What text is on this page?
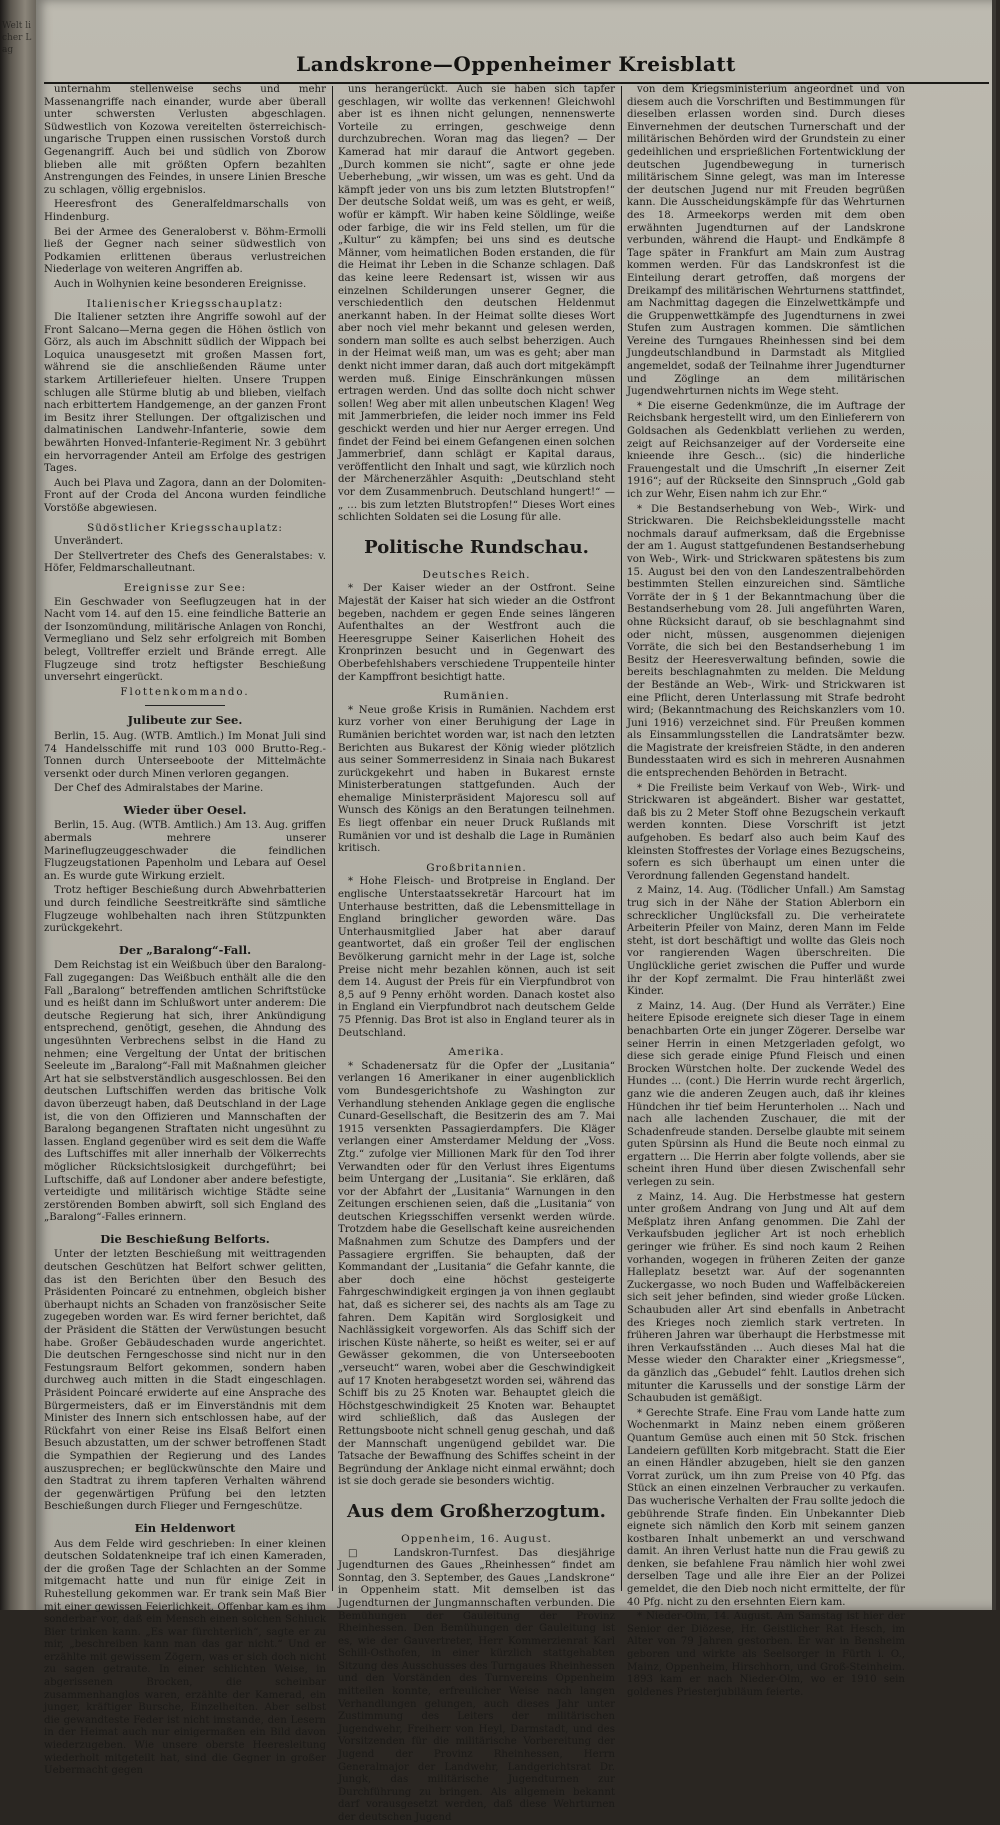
Welt licher Lag
Landskrone—Oppenheimer Kreisblatt

unternahm stellenweise sechs und mehr Massenangriffe nach einander, wurde aber überall unter schwersten Verlusten abgeschlagen. Südwestlich von Kozowa vereitelten österreichisch-ungarische Truppen einen russischen Vorstoß durch Gegenangriff. Auch bei und südlich von Zborow blieben alle mit größten Opfern bezahlten Anstrengungen des Feindes, in unsere Linien Bresche zu schlagen, völlig ergebnislos.

Heeresfront des Generalfeldmarschalls von Hindenburg.

Bei der Armee des Generaloberst v. Böhm-Ermolli ließ der Gegner nach seiner südwestlich von Podkamien erlittenen überaus verlustreichen Niederlage von weiteren Angriffen ab.

Auch in Wolhynien keine besonderen Ereignisse.

Italienischer Kriegsschauplatz:

Die Italiener setzten ihre Angriffe sowohl auf der Front Salcano—Merna gegen die Höhen östlich von Görz, als auch im Abschnitt südlich der Wippach bei Loquica unausgesetzt mit großen Massen fort, während sie die anschließenden Räume unter starkem Artilleriefeuer hielten. Unsere Truppen schlugen alle Stürme blutig ab und blieben, vielfach nach erbittertem Handgemenge, an der ganzen Front im Besitz ihrer Stellungen. Der oftgalizischen und dalmatinischen Landwehr-Infanterie, sowie dem bewährten Honved-Infanterie-Regiment Nr. 3 gebührt ein hervorragender Anteil am Erfolge des gestrigen Tages.

Auch bei Plava und Zagora, dann an der Dolomiten-Front auf der Croda del Ancona wurden feindliche Vorstöße abgewiesen.

Südöstlicher Kriegsschauplatz:

Unverändert.

Der Stellvertreter des Chefs des Generalstabes: v. Höfer, Feldmarschalleutnant.

Ereignisse zur See:

Ein Geschwader von Seeflugzeugen hat in der Nacht vom 14. auf den 15. eine feindliche Batterie an der Isonzomündung, militärische Anlagen von Ronchi, Vermegliano und Selz sehr erfolgreich mit Bomben belegt, Volltreffer erzielt und Brände erregt. Alle Flugzeuge sind trotz heftigster Beschießung unversehrt eingerückt.

Flottenkommando.
Julibeute zur See.

Berlin, 15. Aug. (WTB. Amtlich.) Im Monat Juli sind 74 Handelsschiffe mit rund 103 000 Brutto-Reg.-Tonnen durch Unterseeboote der Mittelmächte versenkt oder durch Minen verloren gegangen.

Der Chef des Admiralstabes der Marine.

Wieder über Oesel.

Berlin, 15. Aug. (WTB. Amtlich.) Am 13. Aug. griffen abermals mehrere unserer Marineflugzeuggeschwader die feindlichen Flugzeugstationen Papenholm und Lebara auf Oesel an. Es wurde gute Wirkung erzielt.

Trotz heftiger Beschießung durch Abwehrbatterien und durch feindliche Seestreitkräfte sind sämtliche Flugzeuge wohlbehalten nach ihren Stützpunkten zurückgekehrt.

Der „Baralong“-Fall.

Dem Reichstag ist ein Weißbuch über den Baralong-Fall zugegangen: Das Weißbuch enthält alle die den Fall „Baralong“ betreffenden amtlichen Schriftstücke und es heißt dann im Schlußwort unter anderem: Die deutsche Regierung hat sich, ihrer Ankündigung entsprechend, genötigt, gesehen, die Ahndung des ungesühnten Verbrechens selbst in die Hand zu nehmen; eine Vergeltung der Untat der britischen Seeleute im „Baralong“-Fall mit Maßnahmen gleicher Art hat sie selbstverständlich ausgeschlossen. Bei den deutschen Luftschiffen werden das britische Volk davon überzeugt haben, daß Deutschland in der Lage ist, die von den Offizieren und Mannschaften der Baralong begangenen Straftaten nicht ungesühnt zu lassen. England gegenüber wird es seit dem die Waffe des Luftschiffes mit aller innerhalb der Völkerrechts möglicher Rücksichtslosigkeit durchgeführt; bei Luftschiffe, daß auf Londoner aber andere befestigte, verteidigte und militärisch wichtige Städte seine zerstörenden Bomben abwirft, soll sich England des „Baralong“-Falles erinnern.

Die Beschießung Belforts.

Unter der letzten Beschießung mit weittragenden deutschen Geschützen hat Belfort schwer gelitten, das ist den Berichten über den Besuch des Präsidenten Poincaré zu entnehmen, obgleich bisher überhaupt nichts an Schaden von französischer Seite zugegeben worden war. Es wird ferner berichtet, daß der Präsident die Stätten der Verwüstungen besucht habe. Großer Gebäudeschaden wurde angerichtet. Die deutschen Ferngeschosse sind nicht nur in den Festungsraum Belfort gekommen, sondern haben durchweg auch mitten in die Stadt eingeschlagen. Präsident Poincaré erwiderte auf eine Ansprache des Bürgermeisters, daß er im Einverständnis mit dem Minister des Innern sich entschlossen habe, auf der Rückfahrt von einer Reise ins Elsaß Belfort einen Besuch abzustatten, um der schwer betroffenen Stadt die Sympathien der Regierung und des Landes auszusprechen; er beglückwünschte den Maire und den Stadtrat zu ihrem tapferen Verhalten während der gegenwärtigen Prüfung bei den letzten Beschießungen durch Flieger und Ferngeschütze.

Ein Heldenwort

Aus dem Felde wird geschrieben: In einer kleinen deutschen Soldatenkneipe traf ich einen Kameraden, der die großen Tage der Schlachten an der Somme mitgemacht hatte und nun für einige Zeit in Ruhestellung gekommen war. Er trank sein Maß Bier mit einer gewissen Feierlichkeit. Offenbar kam es ihm sonderbar vor, daß ein Mensch einen solchen Schluck Bier trinken kann. „Es war fürchterlich“, sagte er zu mir, „beschreiben kann man das gar nicht.“ Und er erzählte mit gewissem Zögern, was er sich doch nicht zu sagen getraute. In einer schlichten Weise, in abgerissenen Brocken, die scheinbar zusammenhanglos waren, erzählte der Kamerad, ein junger, kräftiger Bursche, Einzelheiten. Aber selbst die gewandteste Feder ist nicht imstande, den Lesern in der Heimat auch nur einigermaßen ein Bild davon wiederzugeben. Wie unsere oberste Heeresleitung wiederholt mitgeteilt hat, sind die Gegner in großer Uebermacht gegen

uns herangerückt. Auch sie haben sich tapfer geschlagen, wir wollte das verkennen! Gleichwohl aber ist es ihnen nicht gelungen, nennenswerte Vorteile zu erringen, geschweige denn durchzubrechen. Woran mag das liegen? — Der Kamerad hat mir darauf die Antwort gegeben. „Durch kommen sie nicht“, sagte er ohne jede Ueberhebung, „wir wissen, um was es geht. Und da kämpft jeder von uns bis zum letzten Blutstropfen!“ Der deutsche Soldat weiß, um was es geht, er weiß, wofür er kämpft. Wir haben keine Söldlinge, weiße oder farbige, die wir ins Feld stellen, um für die „Kultur“ zu kämpfen; bei uns sind es deutsche Männer, vom heimatlichen Boden erstanden, die für die Heimat ihr Leben in die Schanze schlagen. Daß das keine leere Redensart ist, wissen wir aus einzelnen Schilderungen unserer Gegner, die verschiedentlich den deutschen Heldenmut anerkannt haben. In der Heimat sollte dieses Wort aber noch viel mehr bekannt und gelesen werden, sondern man sollte es auch selbst beherzigen. Auch in der Heimat weiß man, um was es geht; aber man denkt nicht immer daran, daß auch dort mitgekämpft werden muß. Einige Einschränkungen müssen ertragen werden. Und das sollte doch nicht schwer sollen! Weg aber mit allen unbeutschen Klagen! Weg mit Jammerbriefen, die leider noch immer ins Feld geschickt werden und hier nur Aerger erregen. Und findet der Feind bei einem Gefangenen einen solchen Jammerbrief, dann schlägt er Kapital daraus, veröffentlicht den Inhalt und sagt, wie kürzlich noch der Märchenerzähler Asquith: „Deutschland steht vor dem Zusammenbruch. Deutschland hungert!“ — „ … bis zum letzten Blutstropfen!“ Dieses Wort eines schlichten Soldaten sei die Losung für alle.

Politische Rundschau.
Deutsches Reich.

* Der Kaiser wieder an der Ostfront. Seine Majestät der Kaiser hat sich wieder an die Ostfront begeben, nachdem er gegen Ende seines längeren Aufenthaltes an der Westfront auch die Heeresgruppe Seiner Kaiserlichen Hoheit des Kronprinzen besucht und in Gegenwart des Oberbefehlshabers verschiedene Truppenteile hinter der Kampffront besichtigt hatte.

Rumänien.

* Neue große Krisis in Rumänien. Nachdem erst kurz vorher von einer Beruhigung der Lage in Rumänien berichtet worden war, ist nach den letzten Berichten aus Bukarest der König wieder plötzlich aus seiner Sommerresidenz in Sinaia nach Bukarest zurückgekehrt und haben in Bukarest ernste Ministerberatungen stattgefunden. Auch der ehemalige Ministerpräsident Majorescu soll auf Wunsch des Königs an den Beratungen teilnehmen. Es liegt offenbar ein neuer Druck Rußlands mit Rumänien vor und ist deshalb die Lage in Rumänien kritisch.

Großbritannien.

* Hohe Fleisch- und Brotpreise in England. Der englische Unterstaatssekretär Harcourt hat im Unterhause bestritten, daß die Lebensmittellage in England bringlicher geworden wäre. Das Unterhausmitglied Jaber hat aber darauf geantwortet, daß ein großer Teil der englischen Bevölkerung garnicht mehr in der Lage ist, solche Preise nicht mehr bezahlen können, auch ist seit dem 14. August der Preis für ein Vierpfundbrot von 8,5 auf 9 Penny erhöht worden. Danach kostet also in England ein Vierpfundbrot nach deutschem Gelde 75 Pfennig. Das Brot ist also in England teurer als in Deutschland.

Amerika.

* Schadenersatz für die Opfer der „Lusitania“ verlangen 16 Amerikaner in einer augenblicklich vom Bundesgerichtshofe zu Washington zur Verhandlung stehenden Anklage gegen die englische Cunard-Gesellschaft, die Besitzerin des am 7. Mai 1915 versenkten Passagierdampfers. Die Kläger verlangen einer Amsterdamer Meldung der „Voss. Ztg.“ zufolge vier Millionen Mark für den Tod ihrer Verwandten oder für den Verlust ihres Eigentums beim Untergang der „Lusitania“. Sie erklären, daß vor der Abfahrt der „Lusitania“ Warnungen in den Zeitungen erschienen seien, daß die „Lusitania“ von deutschen Kriegsschiffen versenkt werden würde. Trotzdem habe die Gesellschaft keine ausreichenden Maßnahmen zum Schutze des Dampfers und der Passagiere ergriffen. Sie behaupten, daß der Kommandant der „Lusitania“ die Gefahr kannte, die aber doch eine höchst gesteigerte Fahrgeschwindigkeit ergingen ja von ihnen geglaubt hat, daß es sicherer sei, des nachts als am Tage zu fahren. Dem Kapitän wird Sorglosigkeit und Nachlässigkeit vorgeworfen. Als das Schiff sich der irischen Küste näherte, so heißt es weiter, sei er auf Gewässer gekommen, die von Unterseebooten „verseucht“ waren, wobei aber die Geschwindigkeit auf 17 Knoten herabgesetzt worden sei, während das Schiff bis zu 25 Knoten war. Behauptet gleich die Höchstgeschwindigkeit 25 Knoten war. Behauptet wird schließlich, daß das Auslegen der Rettungsboote nicht schnell genug geschah, und daß der Mannschaft ungenügend gebildet war. Die Tatsache der Bewaffnung des Schiffes scheint in der Begründung der Anklage nicht einmal erwähnt; doch ist sie doch gerade sie besonders wichtig.

Aus dem Großherzogtum.
Oppenheim, 16. August.

□ Landskron-Turnfest. Das diesjährige Jugendturnen des Gaues „Rheinhessen“ findet am Sonntag, den 3. September, des Gaues „Landskrone“ in Oppenheim statt. Mit demselben ist das Jugendturnen der Jungmannschaften verbunden. Die Bemühungen der Gauleitung der Provinz Rheinhessen. Den Bemühungen der Gauleitung ist es, wie der Gauvertreter, Herr Kommerzienrat Karl Schill-Osthofen, in einer kürzlich stattgehabten Sitzung des Ausschusses des Turngaues Rheinhessen und den Vorständen des Turnvereins Oppenheim mitteilen konnte, erfreulicher Weise nach langen Verhandlungen gelungen, auch dieses Jahr unter Zustimmung des Leiters der militärischen Jugendwehr, Freiherr von Heyl, Darmstadt, und des Vorsitzenden für die militärische Vorbereitung der Jugend der Provinz Rheinhessen, Herrn Generalmajor der Landwehr, Landgerichtsrat Dr. Jungk, das militärische Jugendturnen zur Durchführung zu bringen. Als allgemein bekannt darf vorausgesetzt werden, daß diese Wehrturnen der deutschen Jugend

von dem Kriegsministerium angeordnet und von diesem auch die Vorschriften und Bestimmungen für dieselben erlassen worden sind. Durch dieses Einvernehmen der deutschen Turnerschaft und der militärischen Behörden wird der Grundstein zu einer gedeihlichen und ersprießlichen Fortentwicklung der deutschen Jugendbewegung in turnerisch militärischem Sinne gelegt, was man im Interesse der deutschen Jugend nur mit Freuden begrüßen kann. Die Ausscheidungskämpfe für das Wehrturnen des 18. Armeekorps werden mit dem oben erwähnten Jugendturnen auf der Landskrone verbunden, während die Haupt- und Endkämpfe 8 Tage später in Frankfurt am Main zum Austrag kommen werden. Für das Landskronfest ist die Einteilung derart getroffen, daß morgens der Dreikampf des militärischen Wehrturnens stattfindet, am Nachmittag dagegen die Einzelwettkämpfe und die Gruppenwettkämpfe des Jugendturnens in zwei Stufen zum Austragen kommen. Die sämtlichen Vereine des Turngaues Rheinhessen sind bei dem Jungdeutschlandbund in Darmstadt als Mitglied angemeldet, sodaß der Teilnahme ihrer Jugendturner und Zöglinge an dem militärischen Jugendwehrturnen nichts im Wege steht.

* Die eiserne Gedenkmünze, die im Auftrage der Reichsbank hergestellt wird, um den Einlieferern von Goldsachen als Gedenkblatt verliehen zu werden, zeigt auf Reichsanzeiger auf der Vorderseite eine knieende ihre Gesch... (sic) die hinderliche Frauengestalt und die Umschrift „In eiserner Zeit 1916“; auf der Rückseite den Sinnspruch „Gold gab ich zur Wehr, Eisen nahm ich zur Ehr.“

* Die Bestandserhebung von Web-, Wirk- und Strickwaren. Die Reichsbekleidungsstelle macht nochmals darauf aufmerksam, daß die Ergebnisse der am 1. August stattgefundenen Bestandserhebung von Web-, Wirk- und Strickwaren spätestens bis zum 15. August bei den von den Landeszentralbehörden bestimmten Stellen einzureichen sind. Sämtliche Vorräte der in § 1 der Bekanntmachung über die Bestandserhebung vom 28. Juli angeführten Waren, ohne Rücksicht darauf, ob sie beschlagnahmt sind oder nicht, müssen, ausgenommen diejenigen Vorräte, die sich bei den Bestandserhebung 1 im Besitz der Heeresverwaltung befinden, sowie die bereits beschlagnahmten zu melden. Die Meldung der Bestände an Web-, Wirk- und Strickwaren ist eine Pflicht, deren Unterlassung mit Strafe bedroht wird; (Bekanntmachung des Reichskanzlers vom 10. Juni 1916) verzeichnet sind. Für Preußen kommen als Einsammlungsstellen die Landratsämter bezw. die Magistrate der kreisfreien Städte, in den anderen Bundesstaaten wird es sich in mehreren Ausnahmen die entsprechenden Behörden in Betracht.

* Die Freiliste beim Verkauf von Web-, Wirk- und Strickwaren ist abgeändert. Bisher war gestattet, daß bis zu 2 Meter Stoff ohne Bezugschein verkauft werden konnten. Diese Vorschrift ist jetzt aufgehoben. Es bedarf also auch beim Kauf des kleinsten Stoffrestes der Vorlage eines Bezugscheins, sofern es sich überhaupt um einen unter die Verordnung fallenden Gegenstand handelt.

z Mainz, 14. Aug. (Tödlicher Unfall.) Am Samstag trug sich in der Nähe der Station Ablerborn ein schrecklicher Unglücksfall zu. Die verheiratete Arbeiterin Pfeiler von Mainz, deren Mann im Felde steht, ist dort beschäftigt und wollte das Gleis noch vor rangierenden Wagen überschreiten. Die Unglückliche geriet zwischen die Puffer und wurde ihr der Kopf zermalmt. Die Frau hinterläßt zwei Kinder.

z Mainz, 14. Aug. (Der Hund als Verräter.) Eine heitere Episode ereignete sich dieser Tage in einem benachbarten Orte ein junger Zögerer. Derselbe war seiner Herrin in einen Metzgerladen gefolgt, wo diese sich gerade einige Pfund Fleisch und einen Brocken Würstchen holte. Der zuckende Wedel des Hundes ... (cont.) Die Herrin wurde recht ärgerlich, ganz wie die anderen Zeugen auch, daß ihr kleines Hündchen ihr tief beim Herunterholen ... Nach und nach alle lachenden Zuschauer, die mit der Schadenfreude standen. Derselbe glaubte mit seinem guten Spürsinn als Hund die Beute noch einmal zu ergattern ... Die Herrin aber folgte vollends, aber sie scheint ihren Hund über diesen Zwischenfall sehr verlegen zu sein.

z Mainz, 14. Aug. Die Herbstmesse hat gestern unter großem Andrang von Jung und Alt auf dem Meßplatz ihren Anfang genommen. Die Zahl der Verkaufsbuden jeglicher Art ist noch erheblich geringer wie früher. Es sind noch kaum 2 Reihen vorhanden, wogegen in früheren Zeiten der ganze Halleplatz besetzt war. Auf der sogenannten Zuckergasse, wo noch Buden und Waffelbäckereien sich seit jeher befinden, sind wieder große Lücken. Schaubuden aller Art sind ebenfalls in Anbetracht des Krieges noch ziemlich stark vertreten. In früheren Jahren war überhaupt die Herbstmesse mit ihren Verkaufsständen ... Auch dieses Mal hat die Messe wieder den Charakter einer „Kriegsmesse“, da gänzlich das „Gebudel“ fehlt. Lautlos drehen sich mitunter die Karussells und der sonstige Lärm der Schaubuden ist gemäßigt.

* Gerechte Strafe. Eine Frau vom Lande hatte zum Wochenmarkt in Mainz neben einem größeren Quantum Gemüse auch einen mit 50 Stck. frischen Landeiern gefüllten Korb mitgebracht. Statt die Eier an einen Händler abzugeben, hielt sie den ganzen Vorrat zurück, um ihn zum Preise von 40 Pfg. das Stück an einen einzelnen Verbraucher zu verkaufen. Das wucherische Verhalten der Frau sollte jedoch die gebührende Strafe finden. Ein Unbekannter Dieb eignete sich nämlich den Korb mit seinem ganzen kostbaren Inhalt unbemerkt an und verschwand damit. An ihren Verlust hatte nun die Frau gewiß zu denken, sie befahlene Frau nämlich hier wohl zwei derselben Tage und alle ihre Eier an der Polizei gemeldet, die den Dieb noch nicht ermittelte, der für 40 Pfg. nicht zu den ersehnten Eiern kam.

* Nieder-Olm, 14. August. Am Samstag ist hier der Senior der Diözese, Hr. Geistlicher Rat Hesch, im Alter von 79 Jahren gestorben. Er war in Bensheim geboren und wirkte als Seelsorger in Fürth i. O., Mainz, Oppenheim, Hirschhorn, und Groß-Steinheim. 1893 kam er nach Nieder-Olm, wo er 1910 sein goldenes Priesterjubiläum feierte.
